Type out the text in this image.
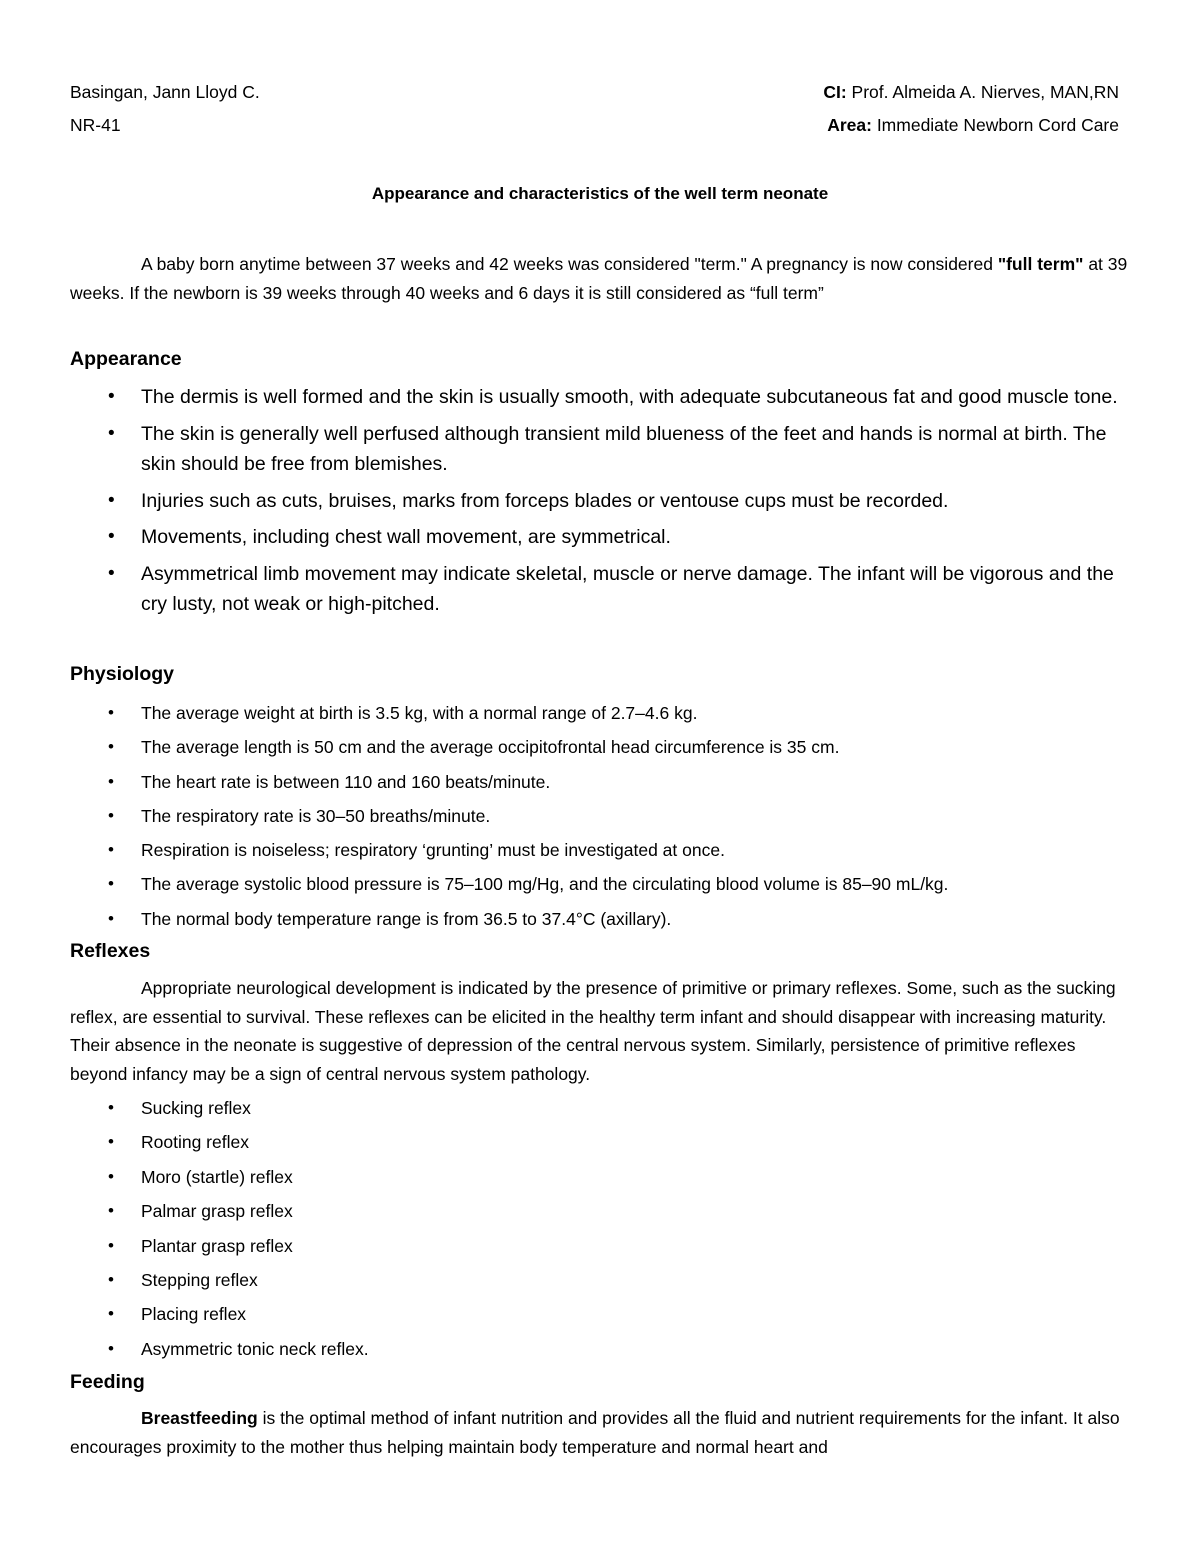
Basingan, Jann Lloyd C.
NR-41
CI: Prof. Almeida A. Nierves, MAN,RN
Area: Immediate Newborn Cord Care
Appearance and characteristics of the well term neonate
A baby born anytime between 37 weeks and 42 weeks was considered "term." A pregnancy is now considered "full term" at 39 weeks. If the newborn is 39 weeks through 40 weeks and 6 days it is still considered as “full term”
Appearance
• The dermis is well formed and the skin is usually smooth, with adequate subcutaneous fat and good muscle tone.
• The skin is generally well perfused although transient mild blueness of the feet and hands is normal at birth. The skin should be free from blemishes.
• Injuries such as cuts, bruises, marks from forceps blades or ventouse cups must be recorded.
• Movements, including chest wall movement, are symmetrical.
• Asymmetrical limb movement may indicate skeletal, muscle or nerve damage. The infant will be vigorous and the cry lusty, not weak or high-pitched.
Physiology
• The average weight at birth is 3.5 kg, with a normal range of 2.7–4.6 kg.
• The average length is 50 cm and the average occipitofrontal head circumference is 35 cm.
• The heart rate is between 110 and 160 beats/minute.
• The respiratory rate is 30–50 breaths/minute.
• Respiration is noiseless; respiratory ‘grunting’ must be investigated at once.
• The average systolic blood pressure is 75–100 mg/Hg, and the circulating blood volume is 85–90 mL/kg.
• The normal body temperature range is from 36.5 to 37.4°C (axillary).
Reflexes
Appropriate neurological development is indicated by the presence of primitive or primary reflexes. Some, such as the sucking reflex, are essential to survival. These reflexes can be elicited in the healthy term infant and should disappear with increasing maturity. Their absence in the neonate is suggestive of depression of the central nervous system. Similarly, persistence of primitive reflexes beyond infancy may be a sign of central nervous system pathology.
• Sucking reflex
• Rooting reflex
• Moro (startle) reflex
• Palmar grasp reflex
• Plantar grasp reflex
• Stepping reflex
• Placing reflex
• Asymmetric tonic neck reflex.
Feeding
Breastfeeding is the optimal method of infant nutrition and provides all the fluid and nutrient requirements for the infant. It also encourages proximity to the mother thus helping maintain body temperature and normal heart and
